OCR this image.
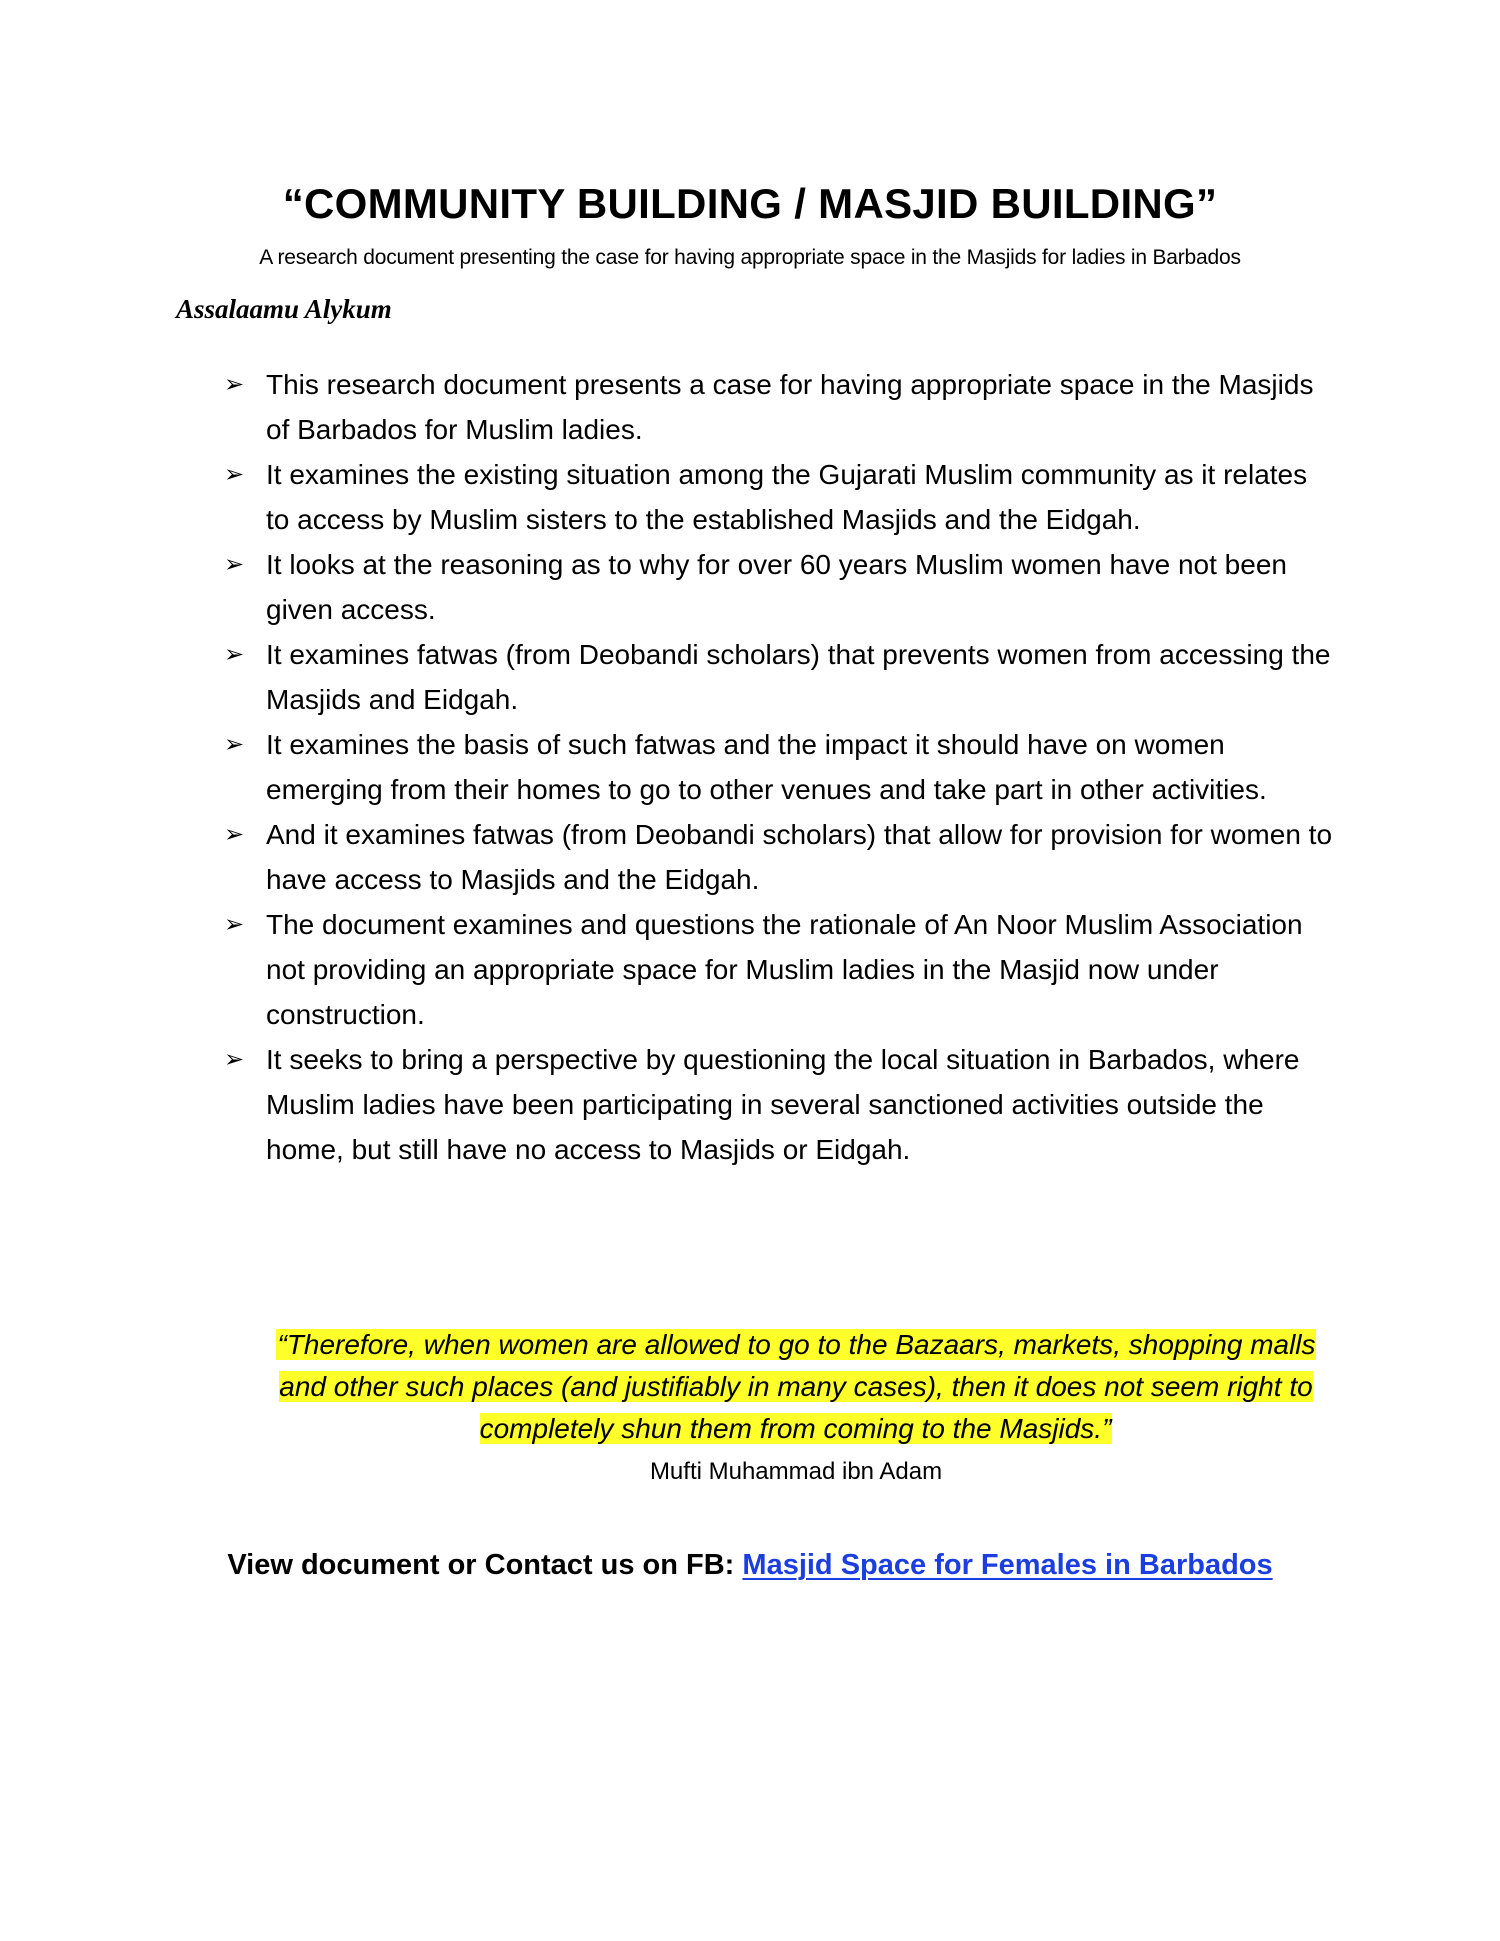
“COMMUNITY BUILDING / MASJID BUILDING”
A research document presenting the case for having appropriate space in the Masjids for ladies in Barbados
Assalaamu Alykum
➢ This research document presents a case for having appropriate space in the Masjids of Barbados for Muslim ladies.
➢ It examines the existing situation among the Gujarati Muslim community as it relates to access by Muslim sisters to the established Masjids and the Eidgah.
➢ It looks at the reasoning as to why for over 60 years Muslim women have not been given access.
➢ It examines fatwas (from Deobandi scholars) that prevents women from accessing the Masjids and Eidgah.
➢ It examines the basis of such fatwas and the impact it should have on women emerging from their homes to go to other venues and take part in other activities.
➢ And it examines fatwas (from Deobandi scholars) that allow for provision for women to have access to Masjids and the Eidgah.
➢ The document examines and questions the rationale of An Noor Muslim Association not providing an appropriate space for Muslim ladies in the Masjid now under construction.
➢ It seeks to bring a perspective by questioning the local situation in Barbados, where Muslim ladies have been participating in several sanctioned activities outside the home, but still have no access to Masjids or Eidgah.
“Therefore, when women are allowed to go to the Bazaars, markets, shopping malls and other such places (and justifiably in many cases), then it does not seem right to completely shun them from coming to the Masjids.”
Mufti Muhammad ibn Adam
View document or Contact us on FB: Masjid Space for Females in Barbados
